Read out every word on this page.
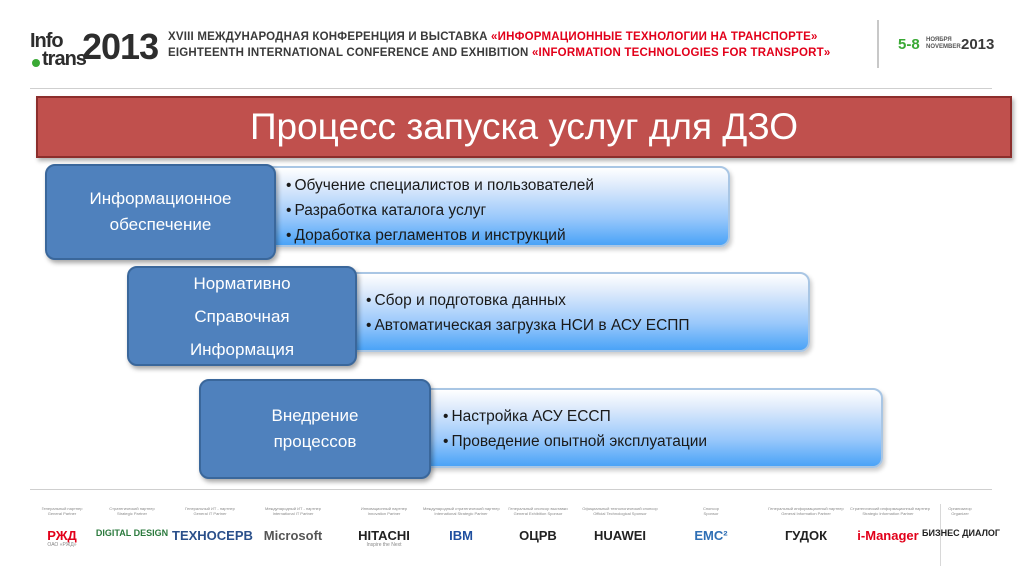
Info
trans
2013 XVIII МЕЖДУНАРОДНАЯ КОНФЕРЕНЦИЯ И ВЫСТАВКА «ИНФОРМАЦИОННЫЕ ТЕХНОЛОГИИ НА ТРАНСПОРТЕ»
EIGHTEENTH INTERNATIONAL CONFERENCE AND EXHIBITION «INFORMATION TECHNOLOGIES FOR TRANSPORT»	5-8 НОЯБРЯ
NOVEMBER 2013
Процесс запуска услуг для ДЗО
• Обучение специалистов и пользователей
• Разработка каталога услуг
• Доработка регламентов и инструкций
Информационное
обеспечение
• Сбор и подготовка данных
• Автоматическая загрузка НСИ в АСУ ЕСПП
Нормативно
Справочная
Информация
• Настройка АСУ ЕССП
• Проведение опытной эксплуатации
Внедрение
процессов
Генеральный партнер
General Partner
РЖД
ОАО «РЖД»
Стратегический партнер
Strategic Partner
DIGITAL DESIGN
Генеральный ИТ - партнер
General IT Partner
ТЕХНОСЕРВ
Международный ИТ - партнер
International IT Partner
Microsoft
Инновационный партнер
Innovation Partner
HITACHI
Inspire the Next
Международный стратегический партнер
International Strategic Partner
IBM
Генеральный спонсор выставки
General Exhibition Sponsor
ОЦРВ
Официальный технологический спонсор
Official Technological Sponsor
HUAWEI
Спонсор
Sponsor
EMC²
Генеральный информационный партнер
General Information Partner
ГУДОК
Стратегический информационный партнер
Strategic Information Partner
i-Manager
Организатор
Organizer
БИЗНЕС ДИАЛОГ
